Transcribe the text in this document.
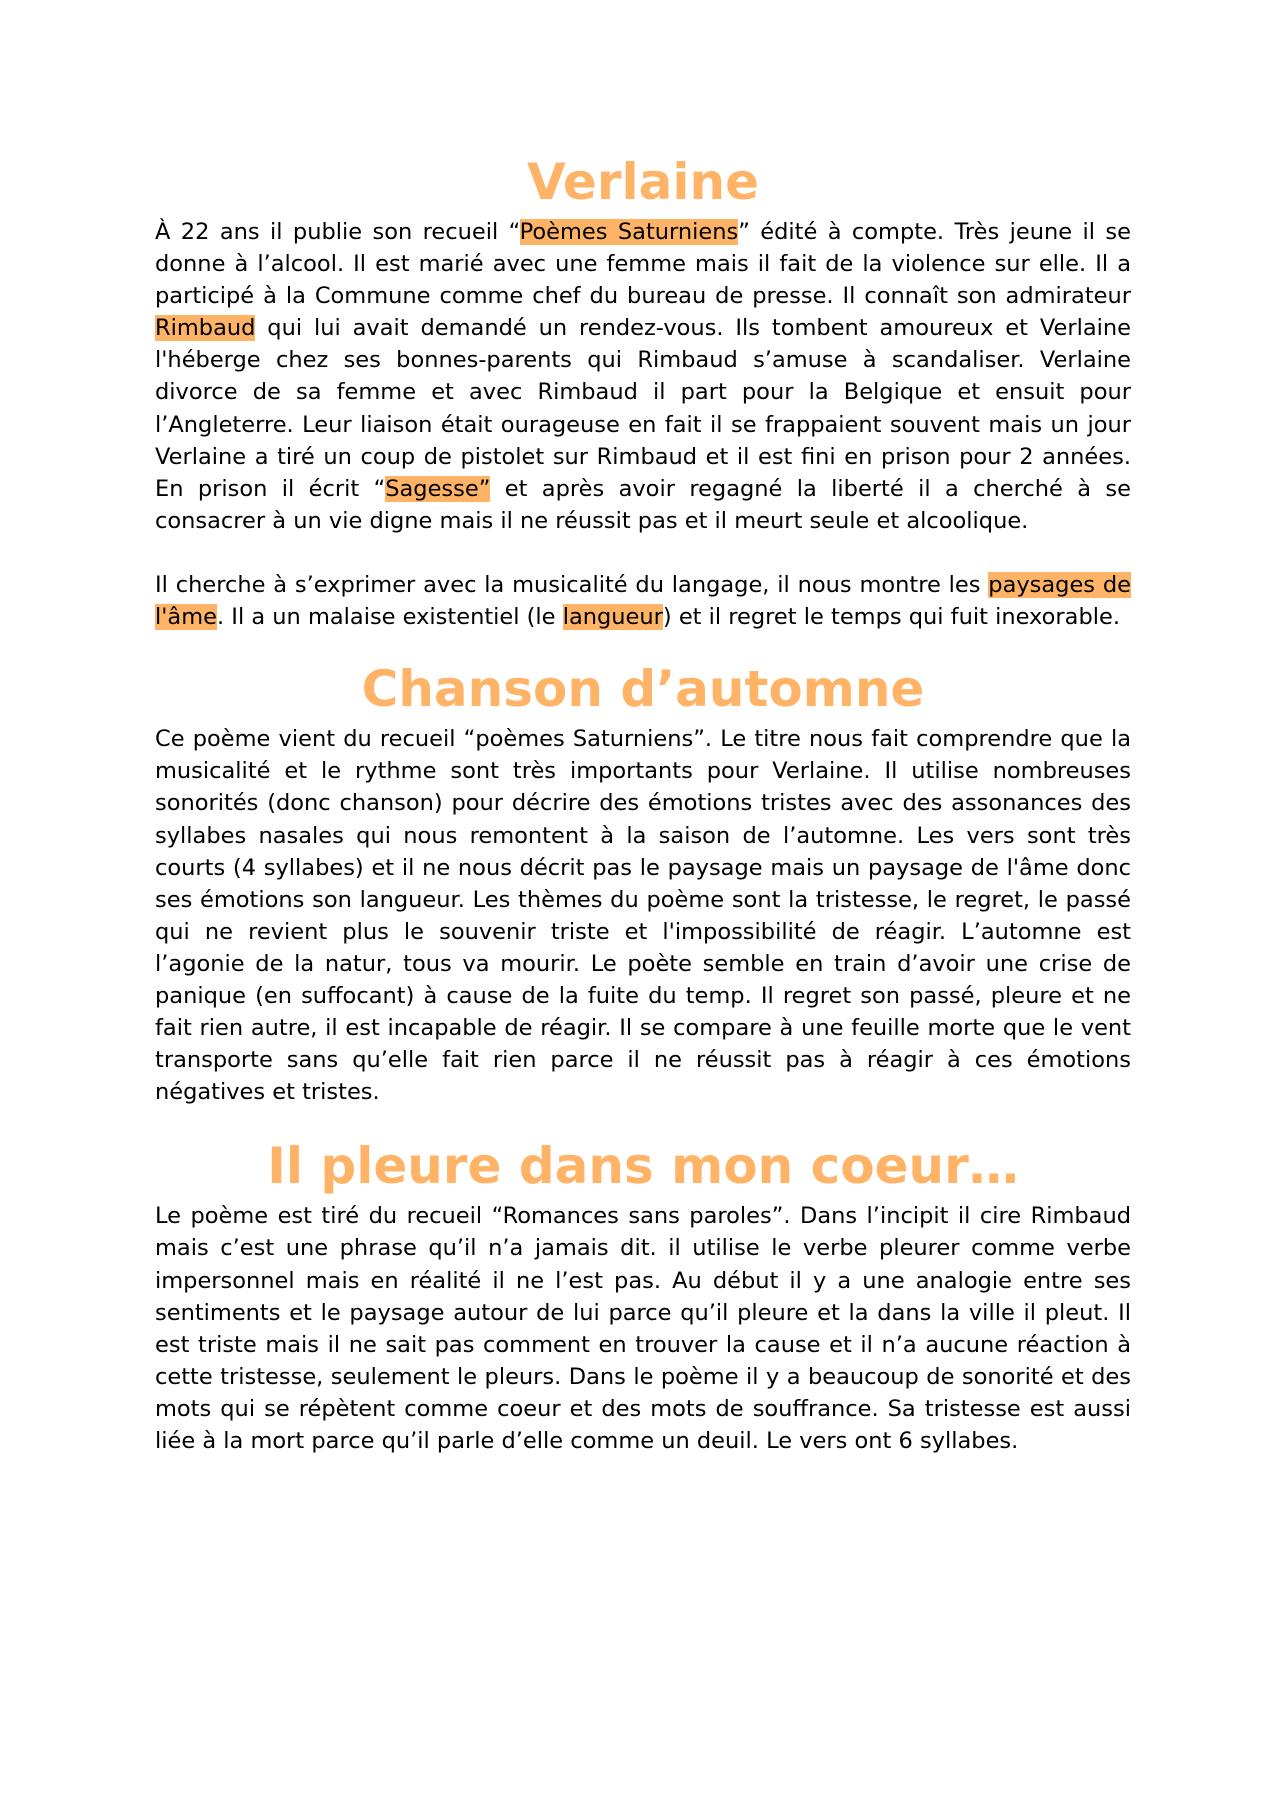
Verlaine

À 22 ans il publie son recueil “Poèmes Saturniens” édité à compte. Très jeune il se donne à l’alcool. Il est marié avec une femme mais il fait de la violence sur elle. Il a participé à la Commune comme chef du bureau de presse. Il connaît son admirateur Rimbaud qui lui avait demandé un rendez-vous. Ils tombent amoureux et Verlaine l'héberge chez ses bonnes-parents qui Rimbaud s’amuse à scandaliser. Verlaine divorce de sa femme et avec Rimbaud il part pour la Belgique et ensuit pour l’Angleterre. Leur liaison était ourageuse en fait il se frappaient souvent mais un jour Verlaine a tiré un coup de pistolet sur Rimbaud et il est fini en prison pour 2 années. En prison il écrit “Sagesse” et après avoir regagné la liberté il a cherché à se consacrer à un vie digne mais il ne réussit pas et il meurt seule et alcoolique.

Il cherche à s’exprimer avec la musicalité du langage, il nous montre les paysages de l'âme. Il a un malaise existentiel (le langueur) et il regret le temps qui fuit inexorable.

Chanson d’automne

Ce poème vient du recueil “poèmes Saturniens”. Le titre nous fait comprendre que la musicalité et le rythme sont très importants pour Verlaine. Il utilise nombreuses sonorités (donc chanson) pour décrire des émotions tristes avec des assonances des syllabes nasales qui nous remontent à la saison de l’automne. Les vers sont très courts (4 syllabes) et il ne nous décrit pas le paysage mais un paysage de l'âme donc ses émotions son langueur. Les thèmes du poème sont la tristesse, le regret, le passé qui ne revient plus le souvenir triste et l'impossibilité de réagir. L’automne est l’agonie de la natur, tous va mourir. Le poète semble en train d’avoir une crise de panique (en suffocant) à cause de la fuite du temp. Il regret son passé, pleure et ne fait rien autre, il est incapable de réagir. Il se compare à une feuille morte que le vent transporte sans qu’elle fait rien parce il ne réussit pas à réagir à ces émotions négatives et tristes.

Il pleure dans mon coeur…

Le poème est tiré du recueil “Romances sans paroles”. Dans l’incipit il cire Rimbaud mais c’est une phrase qu’il n’a jamais dit. il utilise le verbe pleurer comme verbe impersonnel mais en réalité il ne l’est pas. Au début il y a une analogie entre ses sentiments et le paysage autour de lui parce qu’il pleure et la dans la ville il pleut. Il est triste mais il ne sait pas comment en trouver la cause et il n’a aucune réaction à cette tristesse, seulement le pleurs. Dans le poème il y a beaucoup de sonorité et des mots qui se répètent comme coeur et des mots de souffrance. Sa tristesse est aussi liée à la mort parce qu’il parle d’elle comme un deuil. Le vers ont 6 syllabes.
